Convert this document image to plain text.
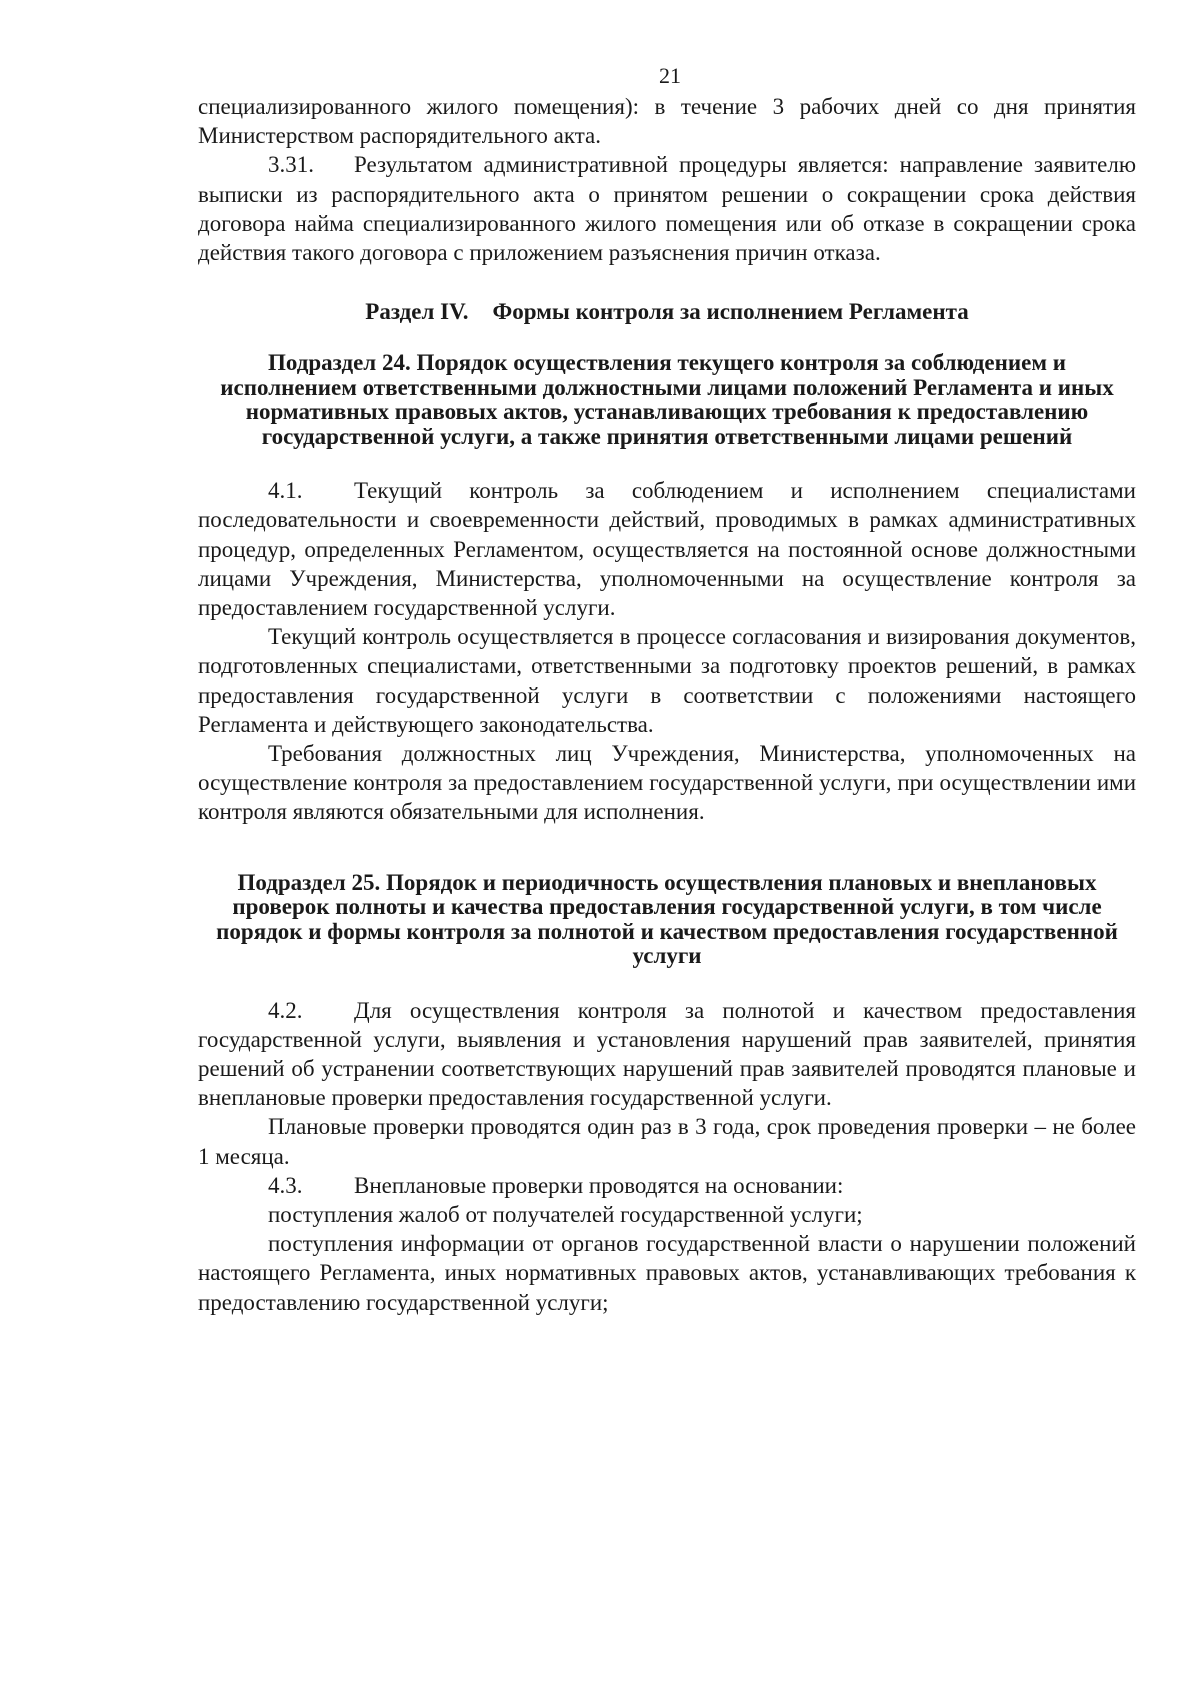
21

специализированного жилого помещения): в течение 3 рабочих дней со дня принятия Министерством распорядительного акта.

3.31. Результатом административной процедуры является: направление заявителю выписки из распорядительного акта о принятом решении о сокращении срока действия договора найма специализированного жилого помещения или об отказе в сокращении срока действия такого договора с приложением разъяснения причин отказа.

Раздел IV. Формы контроля за исполнением Регламента
Подраздел 24. Порядок осуществления текущего контроля за соблюдением и исполнением ответственными должностными лицами положений Регламента и иных нормативных правовых актов, устанавливающих требования к предоставлению государственной услуги, а также принятия ответственными лицами решений

4.1. Текущий контроль за соблюдением и исполнением специалистами последовательности и своевременности действий, проводимых в рамках административных процедур, определенных Регламентом, осуществляется на постоянной основе должностными лицами Учреждения, Министерства, уполномоченными на осуществление контроля за предоставлением государственной услуги.

Текущий контроль осуществляется в процессе согласования и визирования документов, подготовленных специалистами, ответственными за подготовку проектов решений, в рамках предоставления государственной услуги в соответствии с положениями настоящего Регламента и действующего законодательства.

Требования должностных лиц Учреждения, Министерства, уполномоченных на осуществление контроля за предоставлением государственной услуги, при осуществлении ими контроля являются обязательными для исполнения.

Подраздел 25. Порядок и периодичность осуществления плановых и внеплановых проверок полноты и качества предоставления государственной услуги, в том числе порядок и формы контроля за полнотой и качеством предоставления государственной услуги

4.2. Для осуществления контроля за полнотой и качеством предоставления государственной услуги, выявления и установления нарушений прав заявителей, принятия решений об устранении соответствующих нарушений прав заявителей проводятся плановые и внеплановые проверки предоставления государственной услуги.

Плановые проверки проводятся один раз в 3 года, срок проведения проверки – не более 1 месяца.

4.3. Внеплановые проверки проводятся на основании:

поступления жалоб от получателей государственной услуги;

поступления информации от органов государственной власти о нарушении положений настоящего Регламента, иных нормативных правовых актов, устанавливающих требования к предоставлению государственной услуги;
